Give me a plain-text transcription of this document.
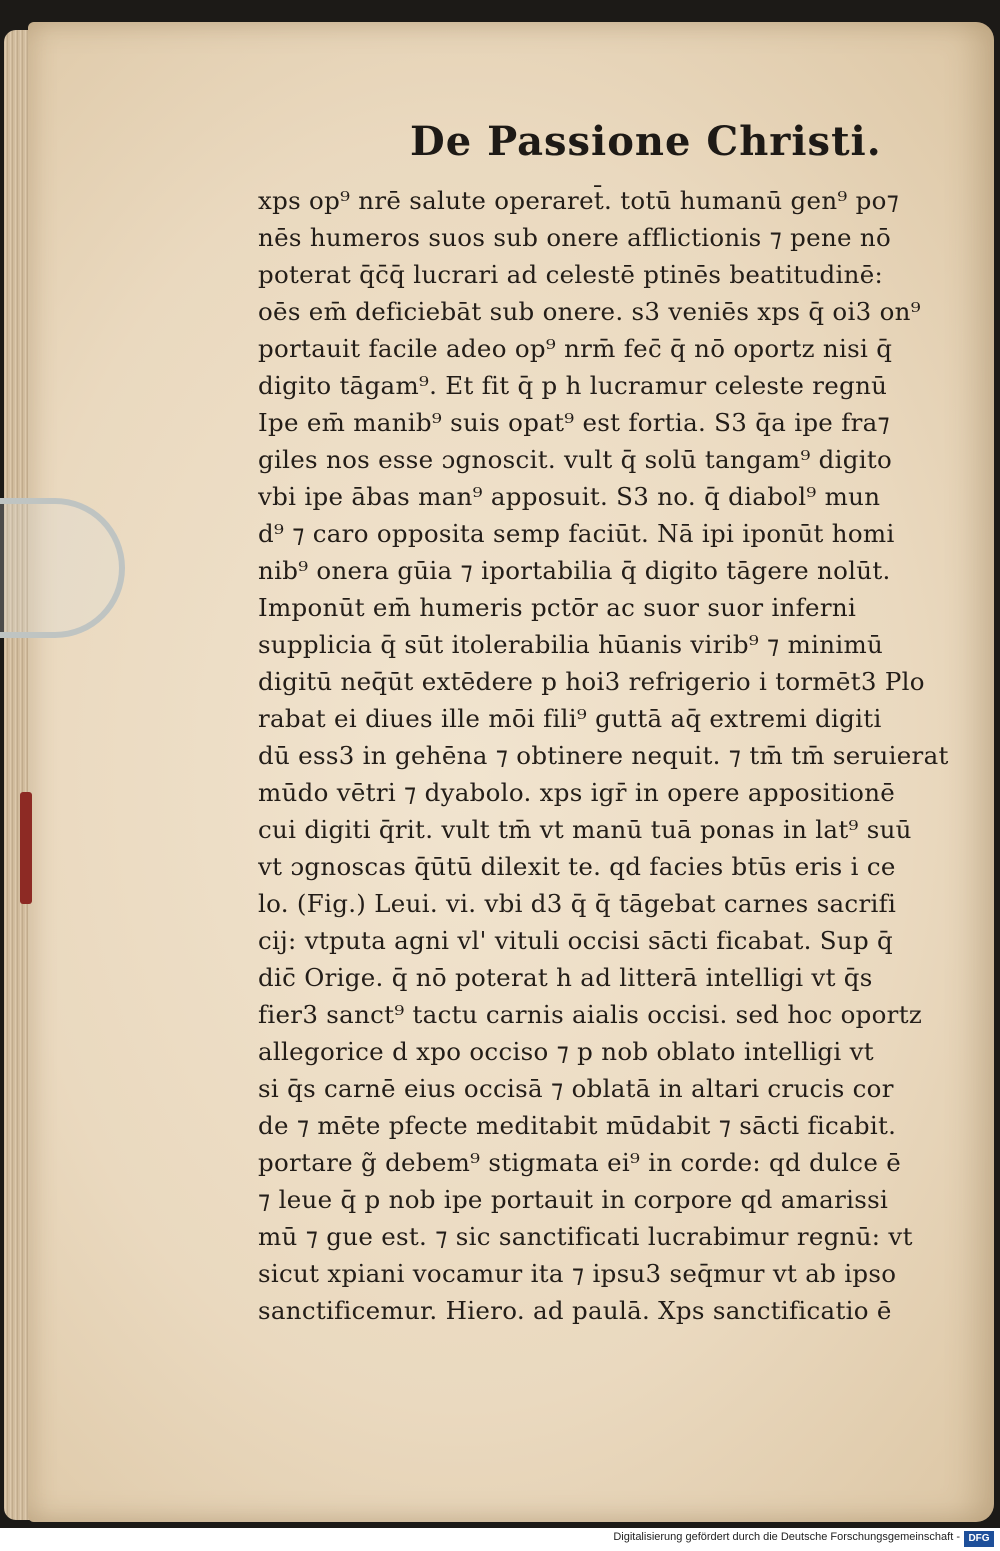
De Passione Christi.
xps op⁹ nrē salute operaret̄. totū humanū gen⁹ po⁊
nēs humeros suos sub onere afflictionis ⁊ pene nō
poterat q̄c̄q̄ lucrari ad celestē ptinēs beatitudinē:
oēs em̄ deficiebāt sub onere. s3 veniēs xps q̄ oi3 on⁹
portauit facile adeo op⁹ nrm̄ fec̄ q̄ nō oportz nisi q̄
digito tāgam⁹. Et fit q̄ p h lucramur celeste regnū
Ipe em̄ manib⁹ suis opat⁹ est fortia. S3 q̄a ipe fra⁊
giles nos esse ɔgnoscit. vult q̄ solū tangam⁹ digito
vbi ipe ābas man⁹ apposuit. S3 no. q̄ diabol⁹ mun
d⁹ ⁊ caro opposita semp faciūt. Nā ipi iponūt homi
nib⁹ onera gūia ⁊ iportabilia q̄ digito tāgere nolūt.
Imponūt em̄ humeris pctōr ac suor suor inferni
supplicia q̄ sūt itolerabilia hūanis virib⁹ ⁊ minimū
digitū neq̄ūt extēdere p hoi3 refrigerio i tormēt3 Plo
rabat ei diues ille mōi fili⁹ guttā aq̄ extremi digiti
dū ess3 in gehēna ⁊ obtinere nequit. ⁊ tm̄ tm̄ seruierat
mūdo vētri ⁊ dyabolo. xps igr̄ in opere appositionē
cui digiti q̄rit. vult tm̄ vt manū tuā ponas in lat⁹ suū
vt ɔgnoscas q̄ūtū dilexit te. qd facies btūs eris i ce
lo. (Fig.) Leui. vi. vbi d3 q̄ q̄ tāgebat carnes sacrifi
cij: vtputa agni vl' vituli occisi sācti ficabat. Sup q̄
dic̄ Orige. q̄ nō poterat h ad litterā intelligi vt q̄s
fier3 sanct⁹ tactu carnis aialis occisi. sed hoc oportz
allegorice d xpo occiso ⁊ p nob oblato intelligi vt
si q̄s carnē eius occisā ⁊ oblatā in altari crucis cor
de ⁊ mēte pfecte meditabit mūdabit ⁊ sācti ficabit.
portare g̃ debem⁹ stigmata ei⁹ in corde: qd dulce ē
⁊ leue q̄ p nob ipe portauit in corpore qd amarissi
mū ⁊ gue est. ⁊ sic sanctificati lucrabimur regnū: vt
sicut xpiani vocamur ita ⁊ ipsu3 seq̄mur vt ab ipso
sanctificemur. Hiero. ad paulā. Xps sanctificatio ē
Digitalisierung gefördert durch die Deutsche Forschungsgemeinschaft - DFG
